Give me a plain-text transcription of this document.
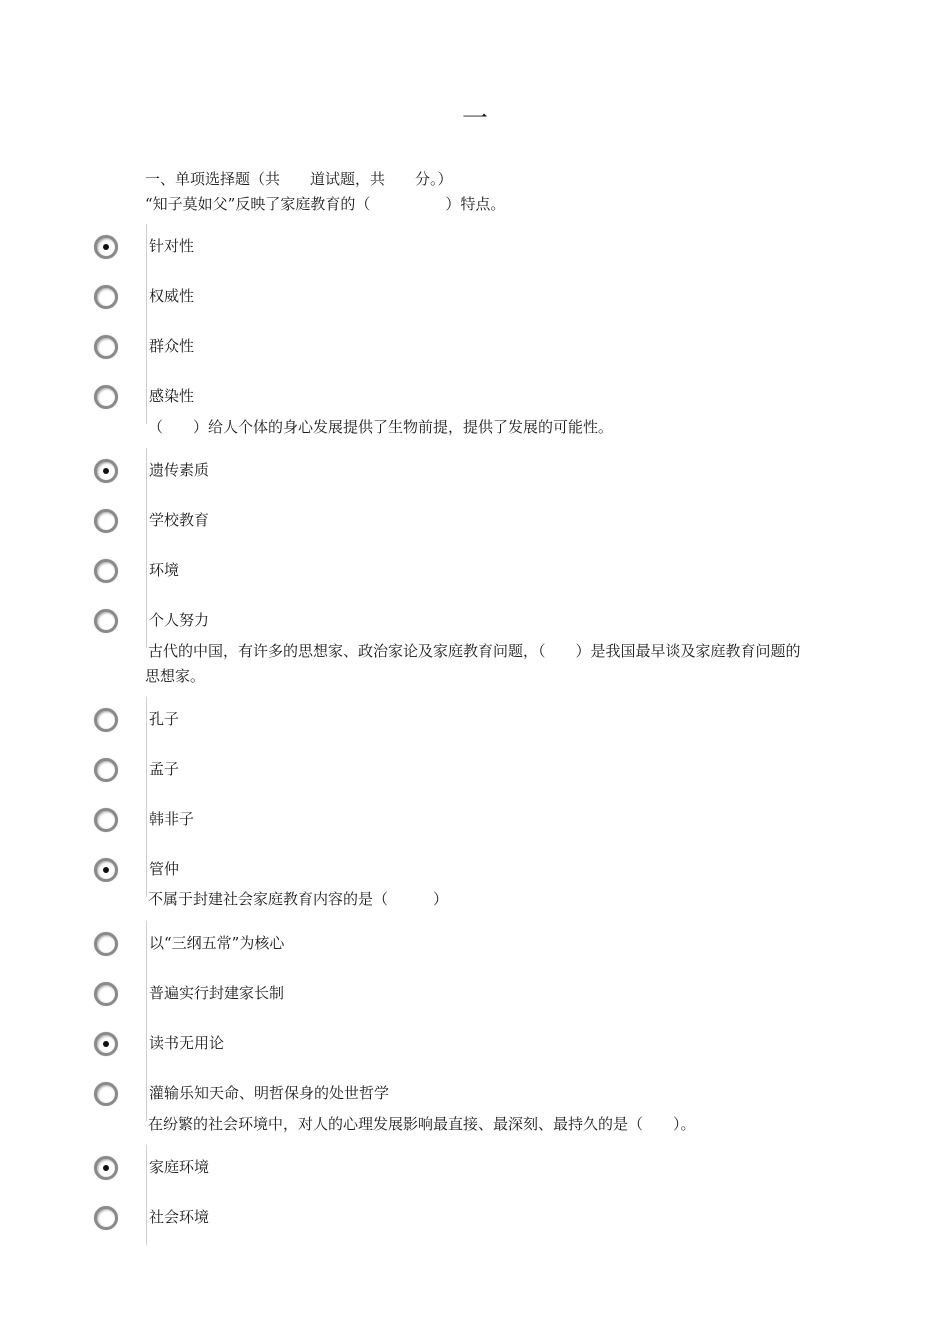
一
一、单项选择题（共　　道试题，共　　分。）
“知子莫如父”反映了家庭教育的（　　　　　）特点。
针对性
权威性
群众性
感染性
（　　）给人个体的身心发展提供了生物前提，提供了发展的可能性。
遗传素质
学校教育
环境
个人努力
古代的中国，有许多的思想家、政治家论及家庭教育问题，（　　）是我国最早谈及家庭教育问题的思想家。
孔子
孟子
韩非子
管仲
不属于封建社会家庭教育内容的是（　　　）
以“三纲五常”为核心
普遍实行封建家长制
读书无用论
灌输乐知天命、明哲保身的处世哲学
在纷繁的社会环境中，对人的心理发展影响最直接、最深刻、最持久的是（　　）。
家庭环境
社会环境
